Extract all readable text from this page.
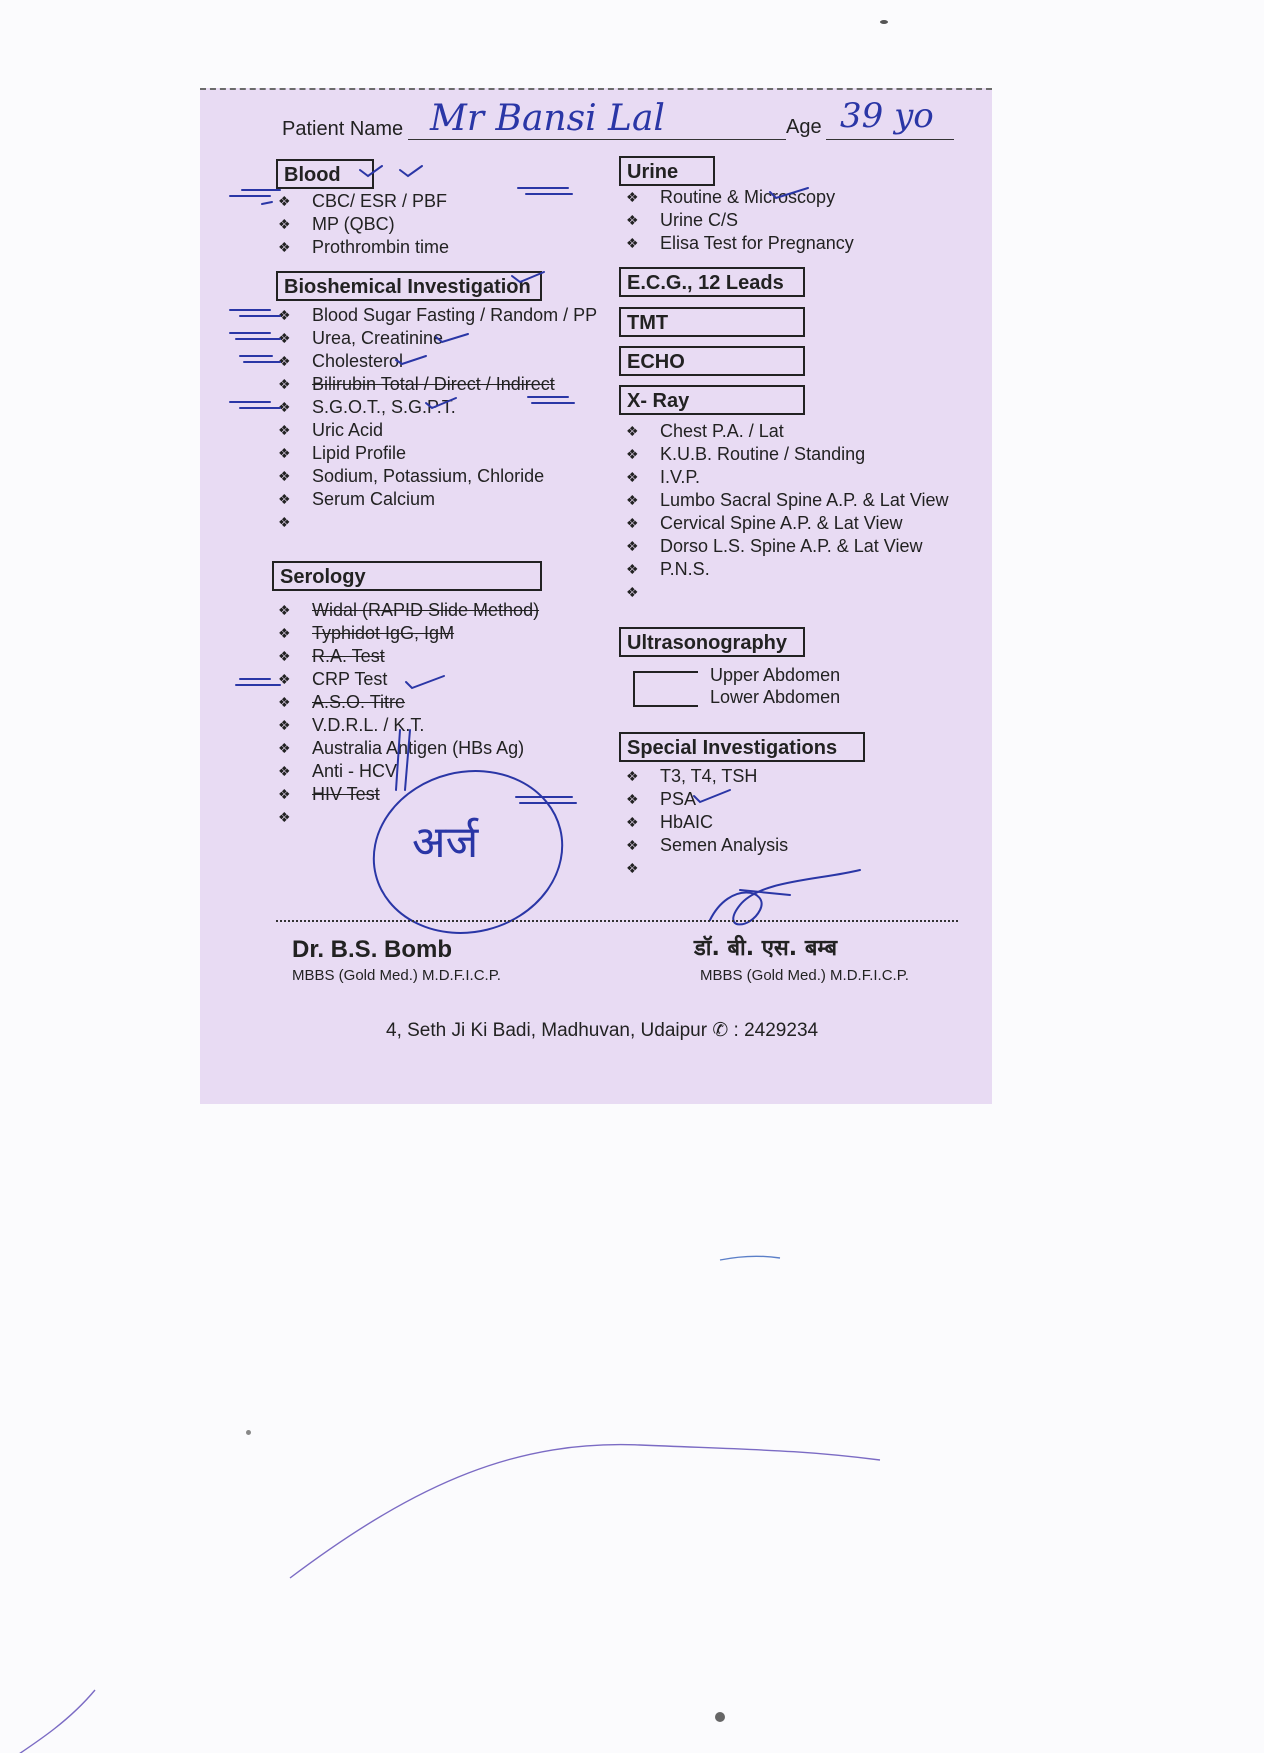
Patient Name Mr Bansi Lal	Age 39 yo
Blood
❖	CBC/ ESR / PBF
❖	MP (QBC)
❖	Prothrombin time
Bioshemical Investigation
❖	Blood Sugar Fasting / Random / PP
❖	Urea, Creatinine
❖	Cholesterol
❖	Bilirubin Total / Direct / Indirect
❖	S.G.O.T., S.G.P.T.
❖	Uric Acid
❖	Lipid Profile
❖	Sodium, Potassium, Chloride
❖	Serum Calcium
❖
Serology
❖	Widal (RAPID Slide Method)
❖	Typhidot IgG, IgM
❖	R.A. Test
❖	CRP Test
❖	A.S.O. Titre
❖	V.D.R.L. / K.T.
❖	Australia Antigen (HBs Ag)
❖	Anti - HCV
❖	HIV Test
❖
Urine
❖	Routine & Microscopy
❖	Urine C/S
❖	Elisa Test for Pregnancy
E.C.G., 12 Leads
TMT
ECHO
X- Ray
❖	Chest P.A. / Lat
❖	K.U.B. Routine / Standing
❖	I.V.P.
❖	Lumbo Sacral Spine A.P. & Lat View
❖	Cervical Spine A.P. & Lat View
❖	Dorso L.S. Spine A.P. & Lat View
❖	P.N.S.
❖
Ultrasonography
Upper Abdomen
Lower Abdomen
Special Investigations
❖	T3, T4, TSH
❖	PSA
❖	HbAIC
❖	Semen Analysis
❖
अर्ज
Dr. B.S. Bomb
MBBS (Gold Med.) M.D.F.I.C.P.
डॉ. बी. एस. बम्ब
MBBS (Gold Med.) M.D.F.I.C.P.
4, Seth Ji Ki Badi, Madhuvan, Udaipur ✆ : 2429234
